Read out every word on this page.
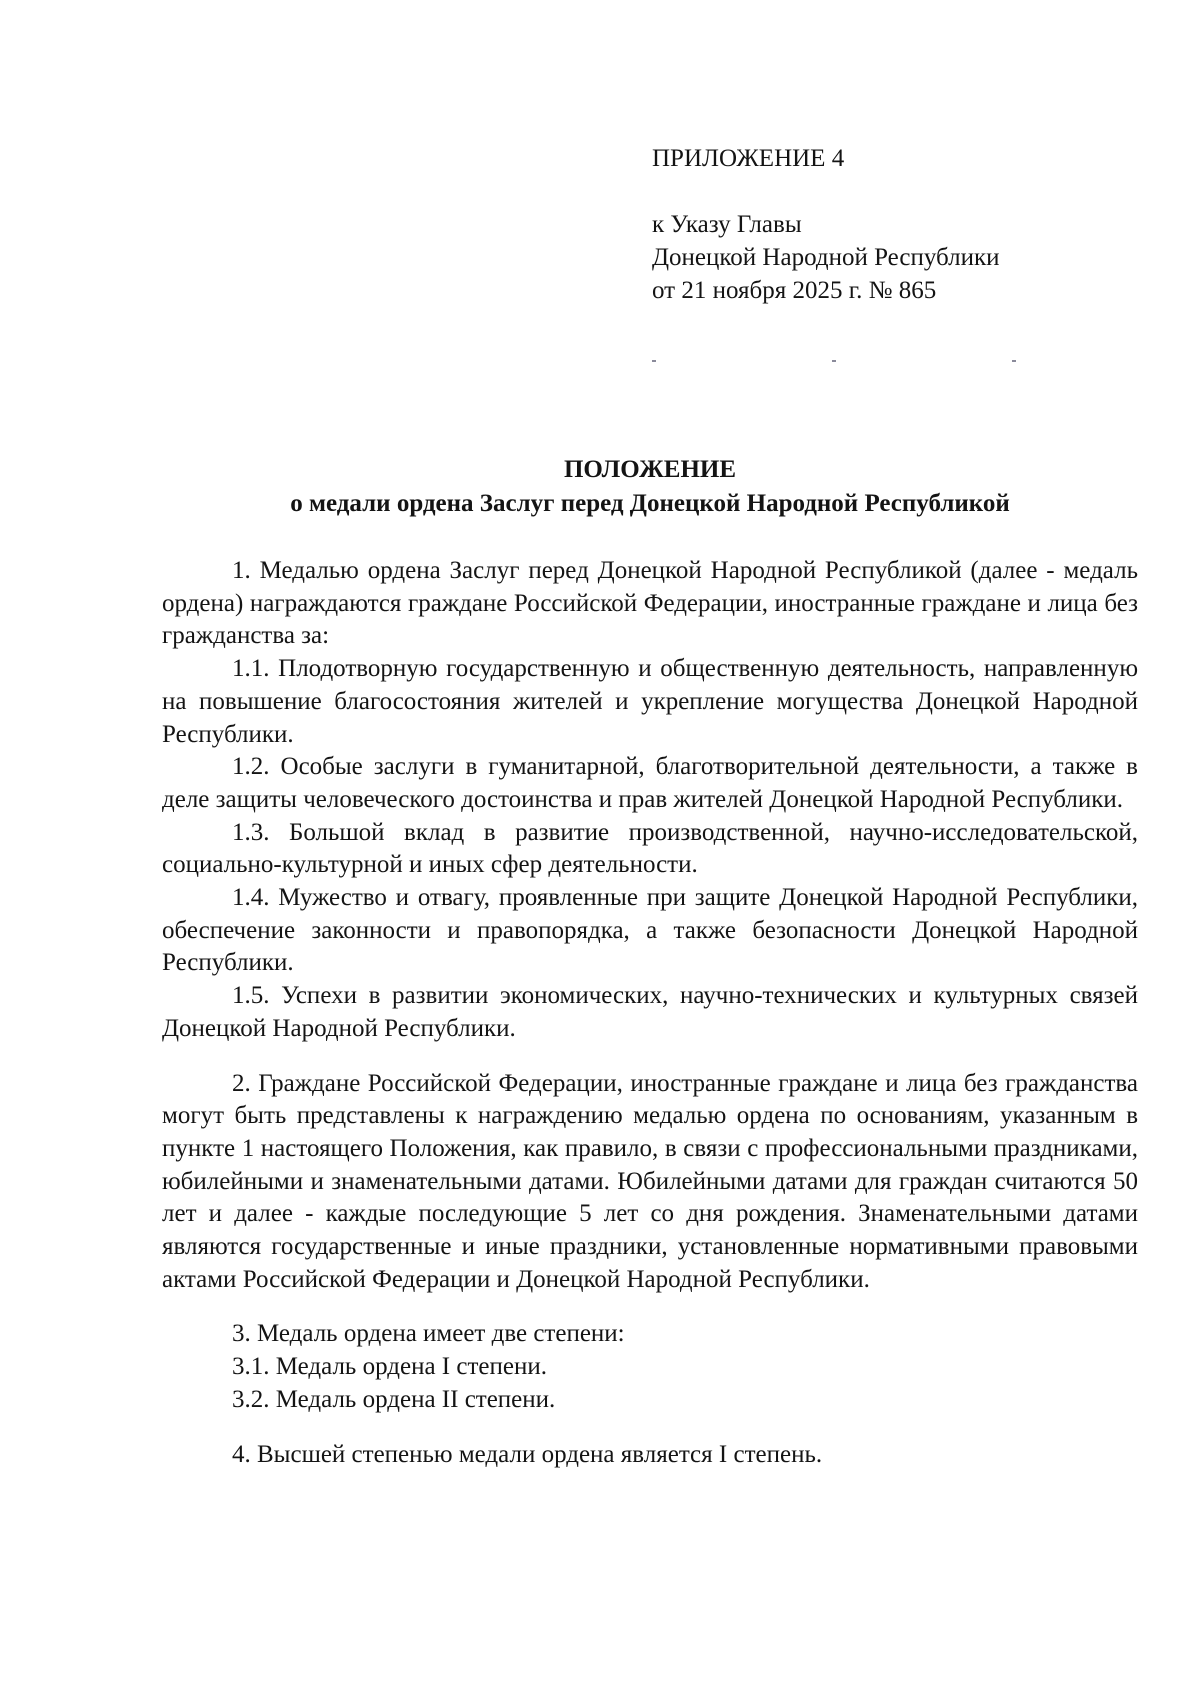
ПРИЛОЖЕНИЕ 4
к Указу Главы
Донецкой Народной Республики
от 21 ноября 2025 г. № 865
ПОЛОЖЕНИЕ
о медали ордена Заслуг перед Донецкой Народной Республикой

1. Медалью ордена Заслуг перед Донецкой Народной Республикой (далее - медаль ордена) награждаются граждане Российской Федерации, иностранные граждане и лица без гражданства за:

1.1. Плодотворную государственную и общественную деятельность, направленную на повышение благосостояния жителей и укрепление могущества Донецкой Народной Республики.

1.2. Особые заслуги в гуманитарной, благотворительной деятельности, а также в деле защиты человеческого достоинства и прав жителей Донецкой Народной Республики.

1.3. Большой вклад в развитие производственной, научно-исследовательской, социально-культурной и иных сфер деятельности.

1.4. Мужество и отвагу, проявленные при защите Донецкой Народной Республики, обеспечение законности и правопорядка, а также безопасности Донецкой Народной Республики.

1.5. Успехи в развитии экономических, научно-технических и культурных связей Донецкой Народной Республики.

2. Граждане Российской Федерации, иностранные граждане и лица без гражданства могут быть представлены к награждению медалью ордена по основаниям, указанным в пункте 1 настоящего Положения, как правило, в связи с профессиональными праздниками, юбилейными и знаменательными датами. Юбилейными датами для граждан считаются 50 лет и далее - каждые последующие 5 лет со дня рождения. Знаменательными датами являются государственные и иные праздники, установленные нормативными правовыми актами Российской Федерации и Донецкой Народной Республики.

3. Медаль ордена имеет две степени:

3.1. Медаль ордена I степени.

3.2. Медаль ордена II степени.

4. Высшей степенью медали ордена является I степень.
